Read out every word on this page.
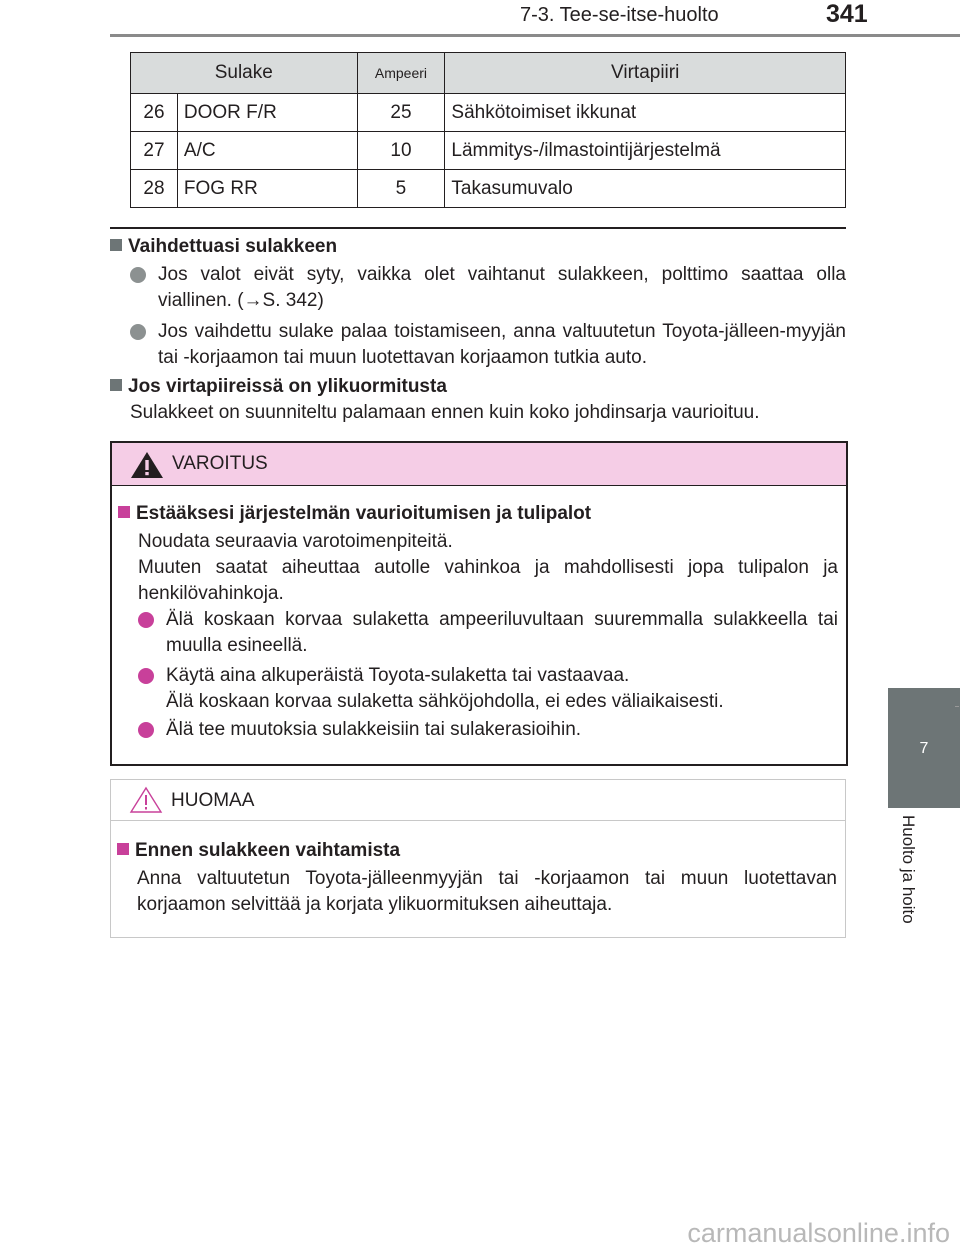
7-3. Tee-se-itse-huolto	341
7
Huolto ja hoito
Sulake		Ampeeri	Virtapiiri
26	DOOR F/R	25	Sähkötoimiset ikkunat
27	A/C	10	Lämmitys-/ilmastointijärjestelmä
28	FOG RR	5	Takasumuvalo
Vaihdettuasi sulakkeen
Jos valot eivät syty, vaikka olet vaihtanut sulakkeen, polttimo saattaa olla viallinen. (→S. 342)
Jos vaihdettu sulake palaa toistamiseen, anna valtuutetun Toyota-jälleen-myyjän tai -korjaamon tai muun luotettavan korjaamon tutkia auto.
Jos virtapiireissä on ylikuormitusta
Sulakkeet on suunniteltu palamaan ennen kuin koko johdinsarja vaurioituu.
VAROITUS
Estääksesi järjestelmän vaurioitumisen ja tulipalot
Noudata seuraavia varotoimenpiteitä.
Muuten saatat aiheuttaa autolle vahinkoa ja mahdollisesti jopa tulipalon ja henkilövahinkoja.
Älä koskaan korvaa sulaketta ampeeriluvultaan suuremmalla sulakkeella tai muulla esineellä.
Käytä aina alkuperäistä Toyota-sulaketta tai vastaavaa.
Älä koskaan korvaa sulaketta sähköjohdolla, ei edes väliaikaisesti.
Älä tee muutoksia sulakkeisiin tai sulakerasioihin.
HUOMAA
Ennen sulakkeen vaihtamista
Anna valtuutetun Toyota-jälleenmyyjän tai -korjaamon tai muun luotettavan korjaamon selvittää ja korjata ylikuormituksen aiheuttaja.
carmanualsonline.info
